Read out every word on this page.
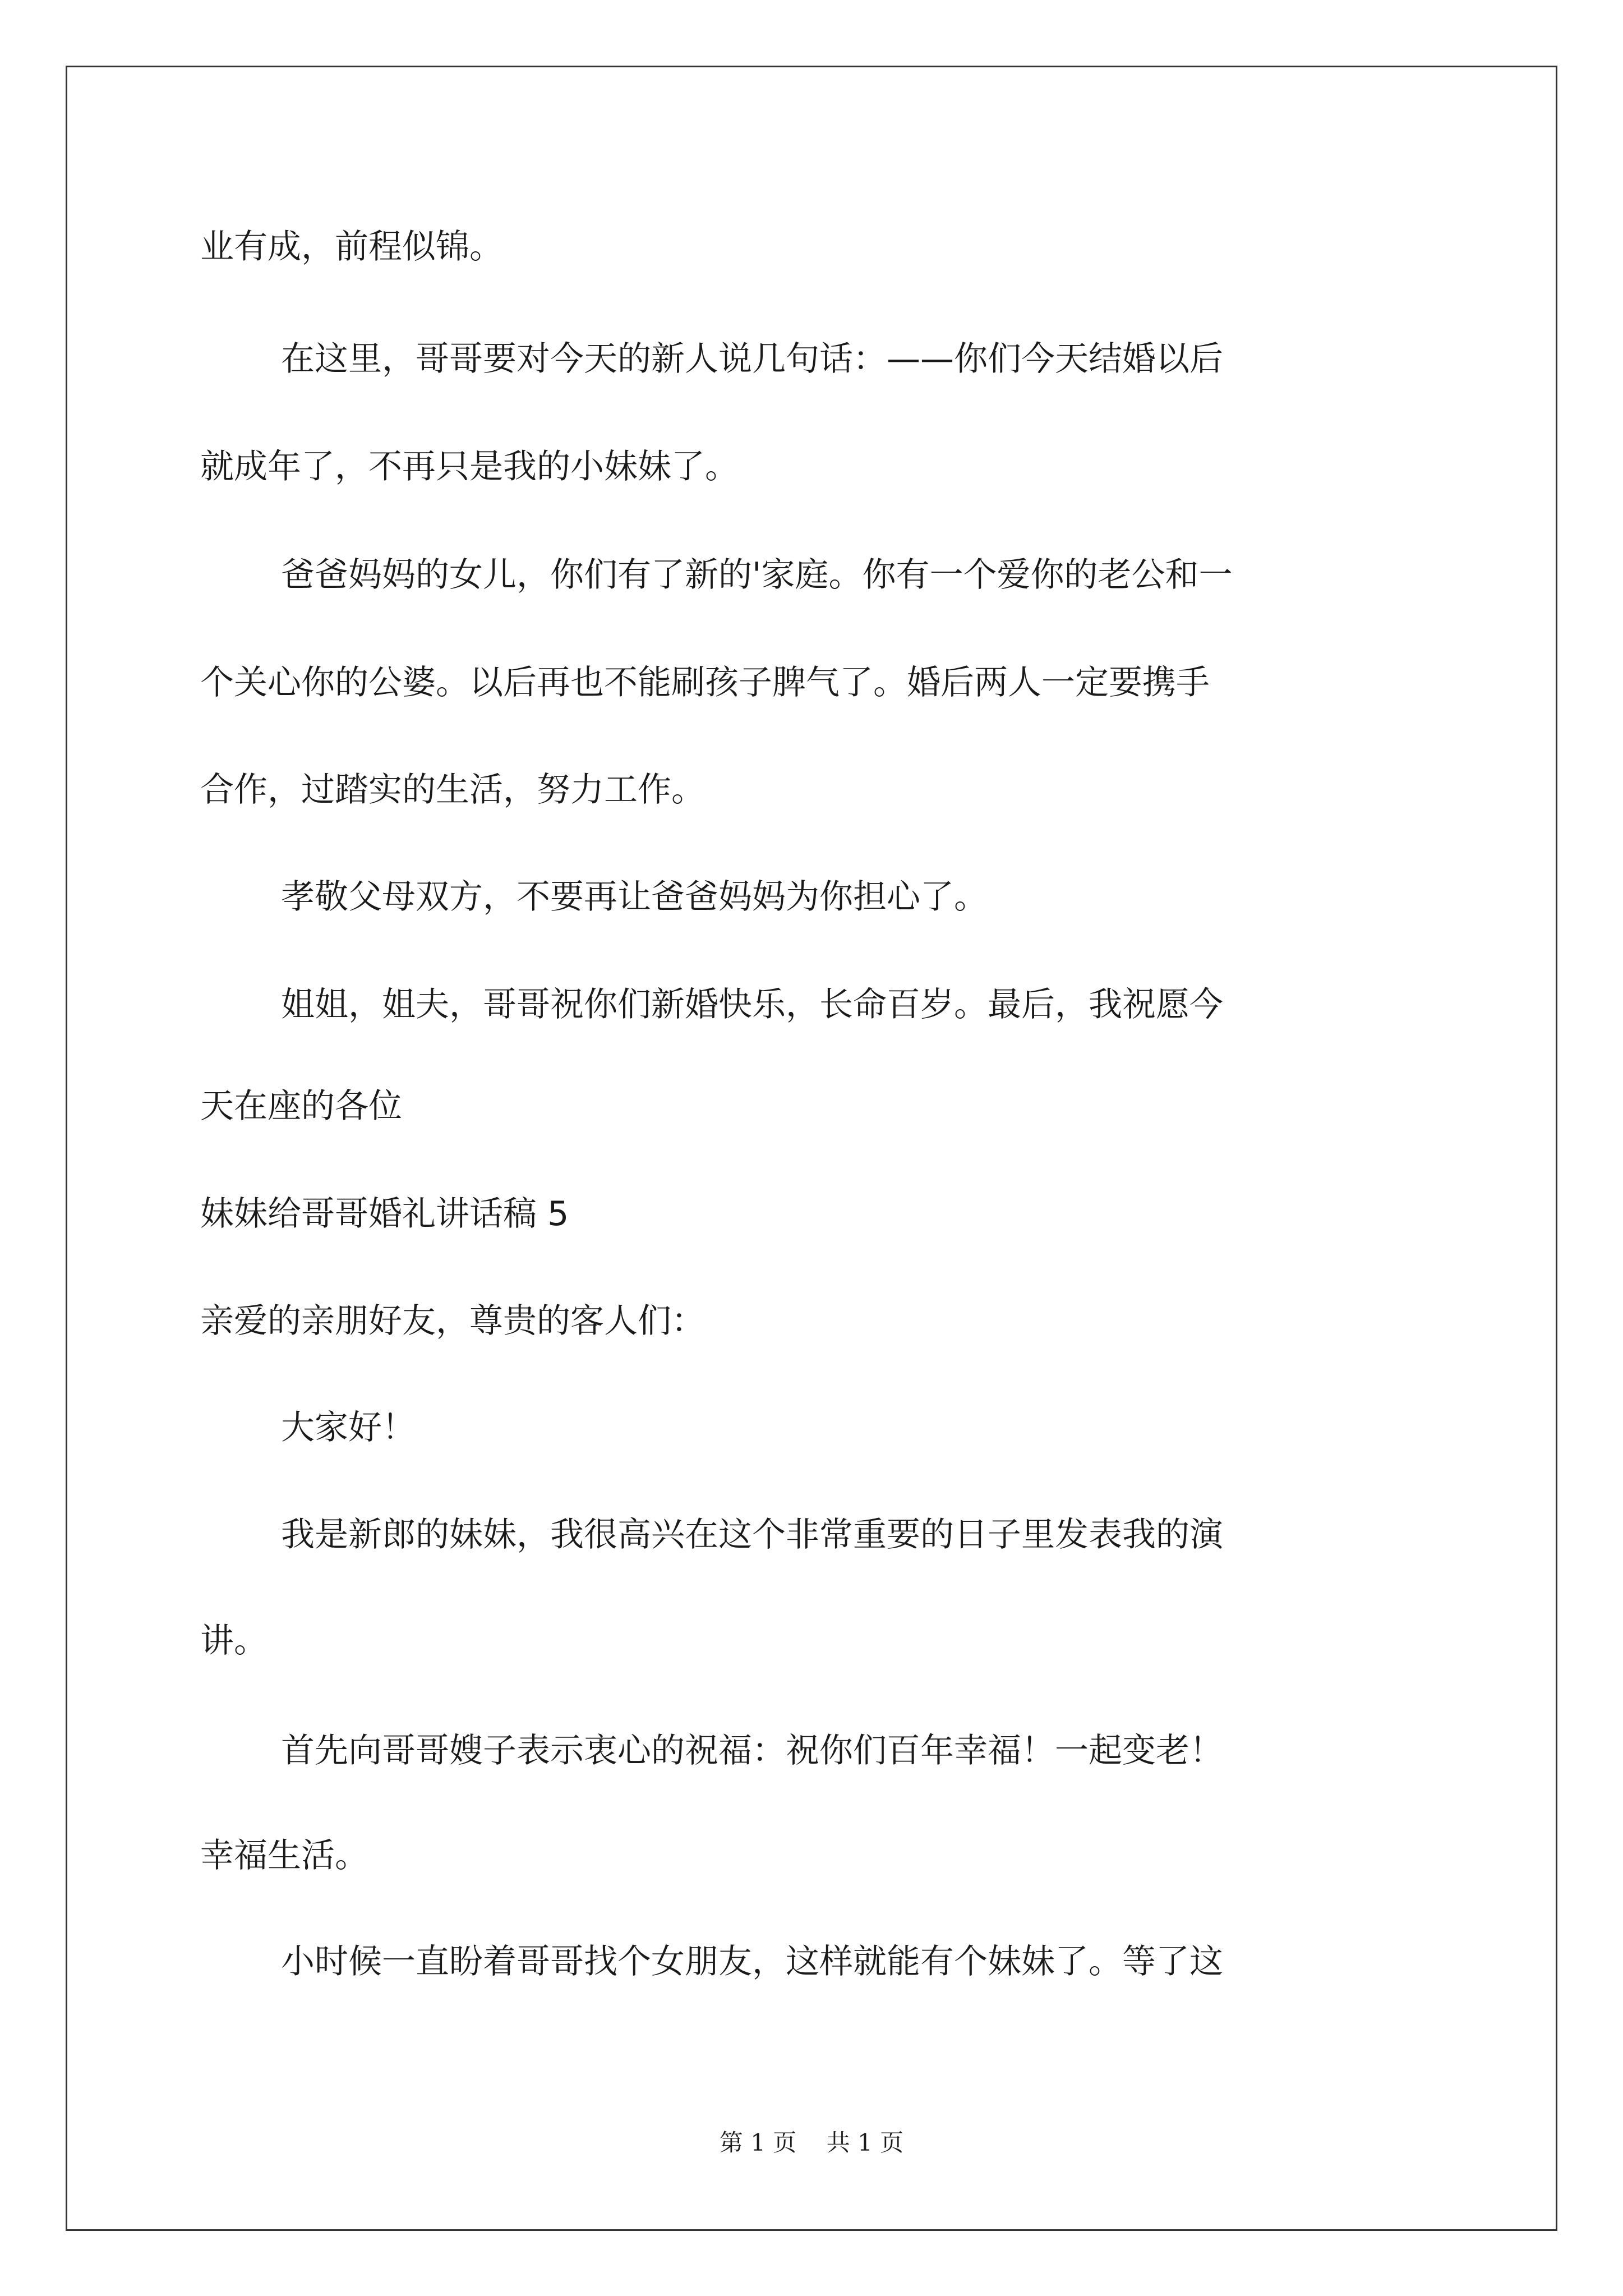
业有成，前程似锦。

在这里，哥哥要对今天的新人说几句话：——你们今天结婚以后

就成年了，不再只是我的小妹妹了。

爸爸妈妈的女儿，你们有了新的'家庭。你有一个爱你的老公和一

个关心你的公婆。以后再也不能刷孩子脾气了。婚后两人一定要携手

合作，过踏实的生活，努力工作。

孝敬父母双方，不要再让爸爸妈妈为你担心了。

姐姐，姐夫，哥哥祝你们新婚快乐，长命百岁。最后，我祝愿今

天在座的各位

妹妹给哥哥婚礼讲话稿 5

亲爱的亲朋好友，尊贵的客人们：

大家好！

我是新郎的妹妹，我很高兴在这个非常重要的日子里发表我的演

讲。

首先向哥哥嫂子表示衷心的祝福：祝你们百年幸福！一起变老！

幸福生活。

小时候一直盼着哥哥找个女朋友，这样就能有个妹妹了。等了这

第 1 页    共 1 页
